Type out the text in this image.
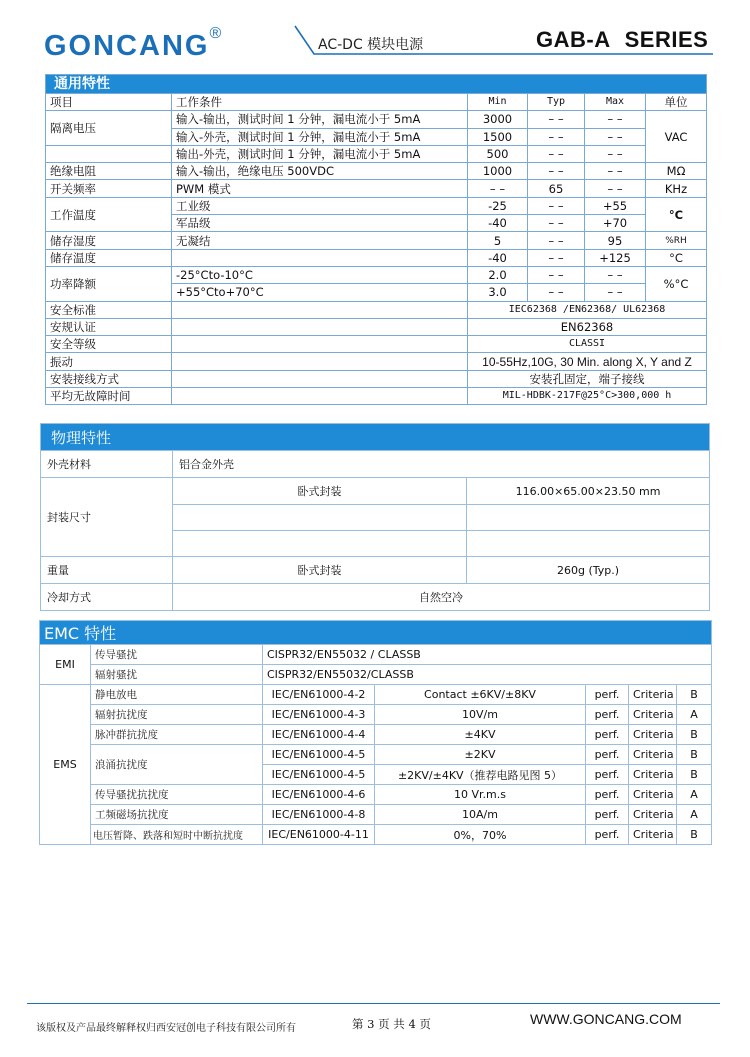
GONCANG®
AC-DC 模块电源	GAB-A SERIES
通用特性					
项目	工作条件	Min	Typ	Max	单位
隔离电压	输入-输出，测试时间 1 分钟，漏电流小于 5mA	3000	– –	– –	VAC
	输入-外壳，测试时间 1 分钟，漏电流小于 5mA	1500	– –	– –	
	输出-外壳，测试时间 1 分钟，漏电流小于 5mA	500	– –	– –	
绝缘电阻	输入-输出，绝缘电压 500VDC	1000	– –	– –	MΩ
开关频率	PWM 模式	– –	65	– –	KHz
工作温度	工业级	-25	– –	+55	°C
	军品级	-40	– –	+70	
储存湿度	无凝结	5	– –	95	%RH
储存温度		-40	– –	+125	°C
功率降额	-25°Cto-10°C	2.0	– –	– –	%°C
	+55°Cto+70°C	3.0	– –	– –	
安全标准		IEC62368 /EN62368/ UL62368			
安规认证		EN62368			
安全等级		CLASSI			
振动		10-55Hz,10G, 30 Min. along X, Y and Z			
安装接线方式		安装孔固定，端子接线			
平均无故障时间		MIL-HDBK-217F@25°C>300,000 h			
物理特性		
外壳材料	铝合金外壳	
封装尺寸	卧式封装	116.00×65.00×23.50 mm

重量	卧式封装	260g (Typ.)
冷却方式	自然空冷	
EMC 特性						
EMI	传导骚扰	CISPR32/EN55032 / CLASSB				
	辐射骚扰	CISPR32/EN55032/CLASSB				
EMS	静电放电	IEC/EN61000-4-2	Contact ±6KV/±8KV	perf.	Criteria	B
	辐射抗扰度	IEC/EN61000-4-3	10V/m	perf.	Criteria	A
	脉冲群抗扰度	IEC/EN61000-4-4	±4KV	perf.	Criteria	B
	浪涌抗扰度	IEC/EN61000-4-5	±2KV	perf.	Criteria	B
		IEC/EN61000-4-5	±2KV/±4KV（推荐电路见图 5）	perf.	Criteria	B
	传导骚扰抗扰度	IEC/EN61000-4-6	10 Vr.m.s	perf.	Criteria	A
	工频磁场抗扰度	IEC/EN61000-4-8	10A/m	perf.	Criteria	A
	电压暂降、跌落和短时中断抗扰度	IEC/EN61000-4-11	0%，70%	perf.	Criteria	B
该版权及产品最终解释权归西安冠创电子科技有限公司所有	第 3 页 共 4 页	WWW.GONCANG.COM
